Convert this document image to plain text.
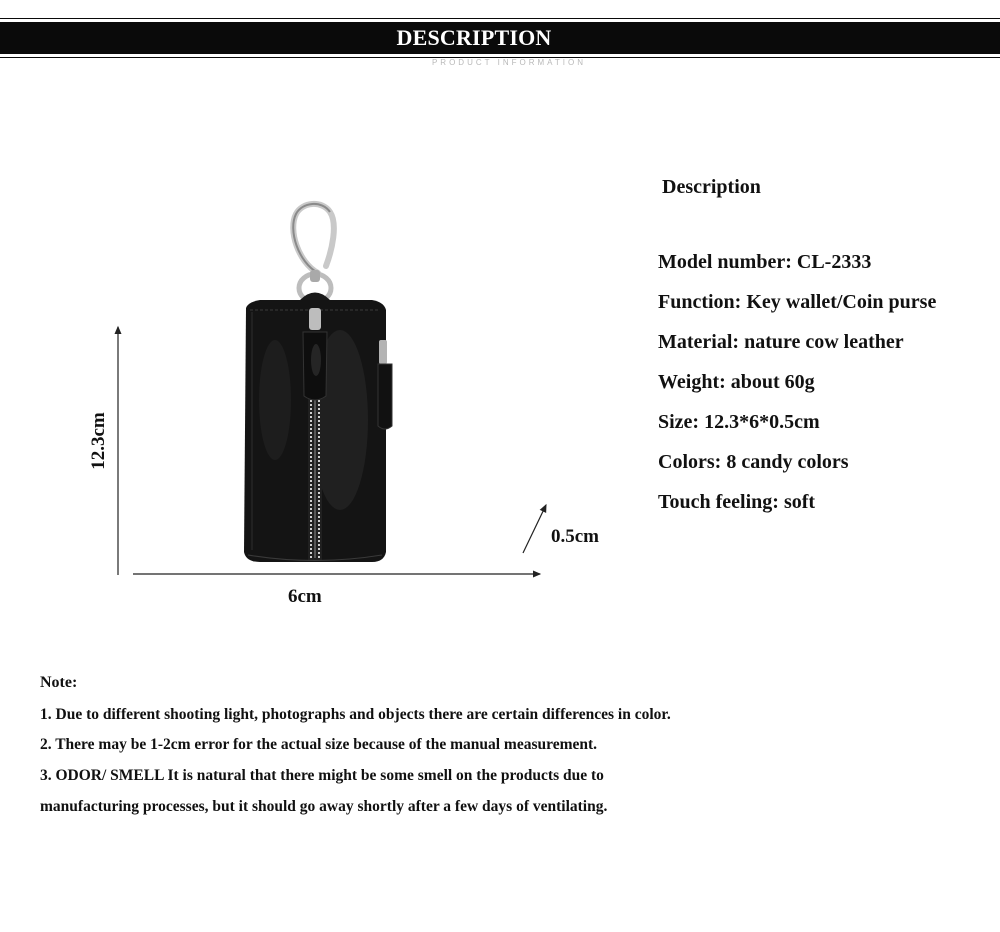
DESCRIPTION
PRODUCT INFORMATION
12.3cm
6cm
0.5cm
Description
Model number: CL-2333
Function: Key wallet/Coin purse
Material: nature cow leather
Weight: about 60g
Size: 12.3*6*0.5cm
Colors: 8 candy colors
Touch feeling: soft
Note:
1. Due to different shooting light, photographs and objects there are certain differences in color.
2. There may be 1-2cm error for the actual size because of the manual measurement.
3. ODOR/ SMELL It is natural that there might be some smell on the products due to
manufacturing processes, but it should go away shortly after a few days of ventilating.
